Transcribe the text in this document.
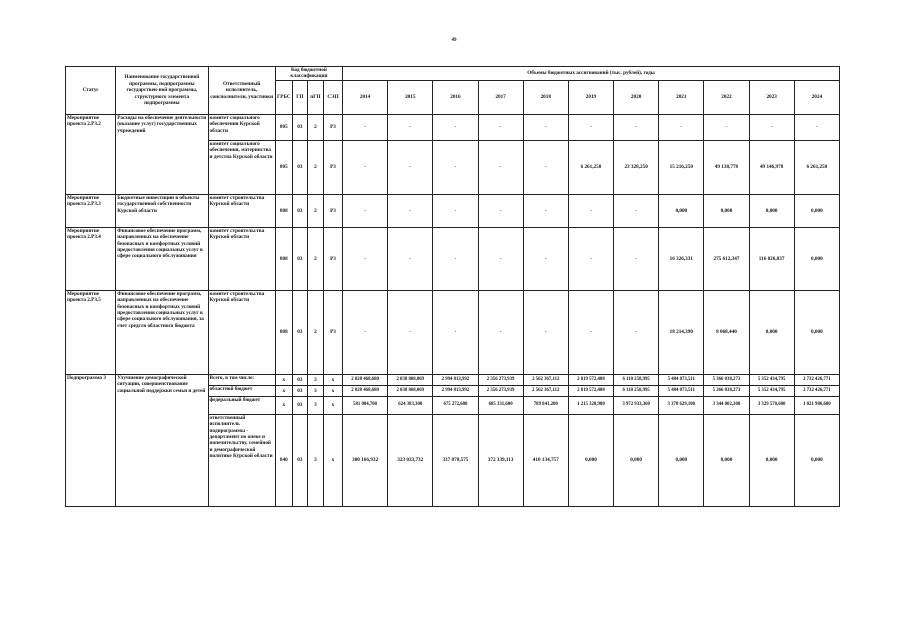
49
Статус	Наименование государственной программы, подпрограммы государствен-ной программы, структурного элемента подпрограммы	Ответственный исполнитель, соисполнители, участники	Код бюджетной классификации				Объемы бюджетных ассигнований (тыс. рублей), годы										
			ГРБС	ГП	пГП	СЭП	2014	2015	2016	2017	2018	2019	2020	2021	2022	2023	2024
Мероприятие проекта 2.Р3.2	Расходы на обеспечение деятельности (оказание услуг) государственных учреждений	комитет социального обеспечения Курской области	805	03	2	Р3	-	-	-	-	-	-	-	-	-	-	-
		комитет социального обеспечения, материнства и детства Курской области	805	03	2	Р3	-	-	-	-	-	6 261,250	23 328,250	15 216,250	49 138,778	49 146,978	6 261,250
Мероприятие проекта 2.Р3.3	Бюджетные инвестиции в объекты государственной собственности Курской области	комитет строительства Курской области	808	03	2	Р3	-	-	-	-	-	-	-	0,000	0,000	0,000	0,000
Мероприятие проекта 2.Р3.4	Финансовое обеспечение программ, направленных на обеспечение безопасных и комфортных условий предоставления социальных услуг в сфере социального обслуживания	комитет строительства Курской области	808	03	2	Р3	-	-	-	-	-	-	-	16 326,331	275 612,347	116 026,837	0,000
Мероприятие проекта 2.Р3.5	Финансовое обеспечение программ, направленных на обеспечение безопасных и комфортных условий предоставления социальных услуг в сфере социального обслуживания, за счет средств областного бюджета	комитет строительства Курской области	808	03	2	Р3	-	-	-	-	-	-	-	18 214,390	8 068,440	0,000	0,000
Подпрограмма 3	Улучшение демографической ситуации, совершенствование социальной поддержки семьи и детей	Всего, в том числе:	х	03	3	х	2 028 468,680	2 038 868,069	2 994 813,992	2 356 273,939	2 562 367,112	2 819 572,408	6 110 258,995	5 484 073,511	5 366 038,273	5 352 434,795	2 732 426,771
		областной бюджет	х	03	3	х	2 028 468,680	2 038 868,069	2 994 813,992	2 356 273,939	2 562 367,112	2 819 572,408	6 110 258,995	5 484 073,511	5 366 038,273	5 352 434,795	2 732 426,771
		федеральный бюджет	х	03	3	х	581 004,700	624 383,300	675 272,600	685 331,600	789 841,200	1 215 320,900	3 972 933,360	3 370 629,100	3 344 002,300	3 329 570,600	1 021 986,600
		ответственный исполнитель подпрограммы - департамент по опеке и попечительству, семейной и демографической политике Курской области	840	03	3	х	300 166,932	323 033,732	337 878,575	372 339,113	410 134,757	0,000	0,000	0,000	0,000	0,000	0,000
